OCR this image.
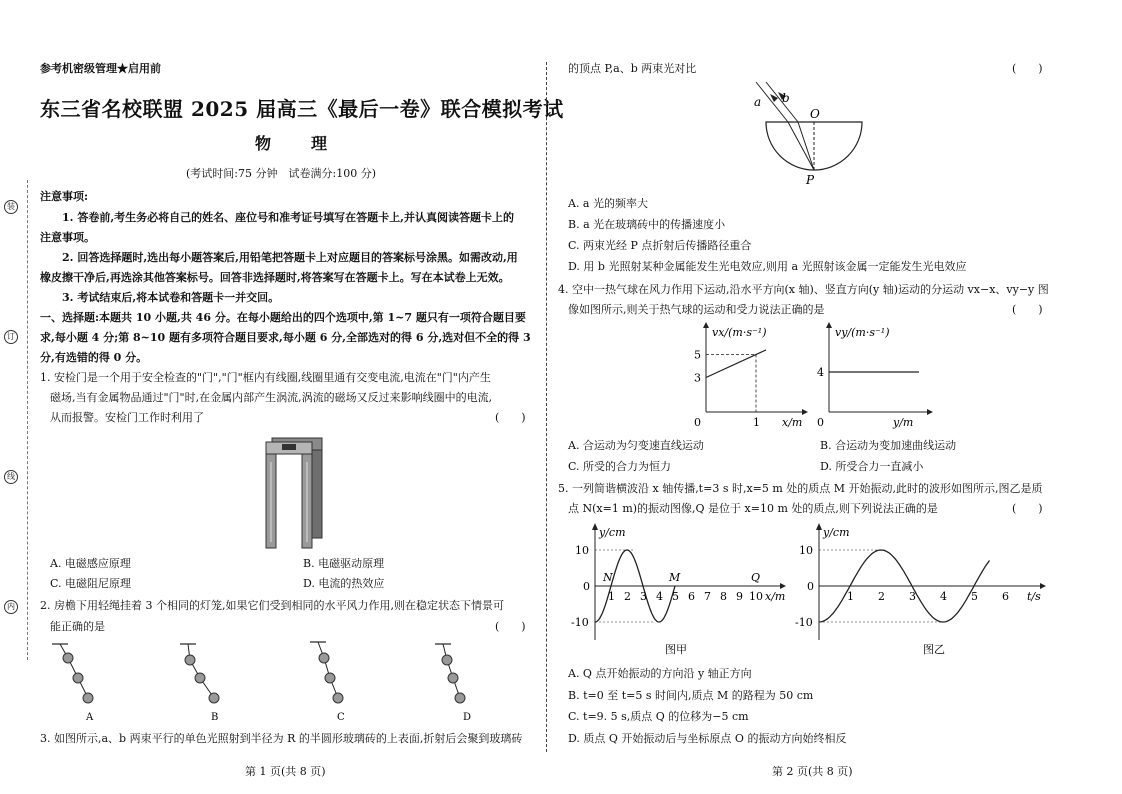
装
订
线
内
参考机密级管理★启用前
东三省名校联盟 2025 届高三《最后一卷》联合模拟考试
物　理
(考试时间:75 分钟　试卷满分:100 分)
注意事项:
1. 答卷前,考生务必将自己的姓名、座位号和准考证号填写在答题卡上,并认真阅读答题卡上的
注意事项。
2. 回答选择题时,选出每小题答案后,用铅笔把答题卡上对应题目的答案标号涂黑。如需改动,用
橡皮擦干净后,再选涂其他答案标号。回答非选择题时,将答案写在答题卡上。写在本试卷上无效。
3. 考试结束后,将本试卷和答题卡一并交回。
一、选择题:本题共 10 小题,共 46 分。在每小题给出的四个选项中,第 1~7 题只有一项符合题目要
求,每小题 4 分;第 8~10 题有多项符合题目要求,每小题 6 分,全部选对的得 6 分,选对但不全的得 3
分,有选错的得 0 分。
1. 安检门是一个用于安全检查的"门","门"框内有线圈,线圈里通有交变电流,电流在"门"内产生
磁场,当有金属物品通过"门"时,在金属内部产生涡流,涡流的磁场又反过来影响线圈中的电流,
从而报警。安检门工作时利用了	(　　)
A. 电磁感应原理	B. 电磁驱动原理
C. 电磁阻尼原理	D. 电流的热效应
2. 房檐下用轻绳挂着 3 个相同的灯笼,如果它们受到相同的水平风力作用,则在稳定状态下情景可
能正确的是	(　　)
A	B	C	D
3. 如图所示,a、b 两束平行的单色光照射到半径为 R 的半圆形玻璃砖的上表面,折射后会聚到玻璃砖
第 1 页(共 8 页)
的顶点 P,a、b 两束光对比	(　　)
a b
O
P
A. a 光的频率大
B. a 光在玻璃砖中的传播速度小
C. 两束光经 P 点折射后传播路径重合
D. 用 b 光照射某种金属能发生光电效应,则用 a 光照射该金属一定能发生光电效应
4. 空中一热气球在风力作用下运动,沿水平方向(x 轴)、竖直方向(y 轴)运动的分运动 vx−x、vy−y 图
像如图所示,则关于热气球的运动和受力说法正确的是	(　　)
vx/(m·s⁻¹)
x/m
0
3
5
1
vy/(m·s⁻¹)
y/m
0
4
A. 合运动为匀变速直线运动	B. 合运动为变加速曲线运动
C. 所受的合力为恒力	D. 所受合力一直减小
5. 一列简谐横波沿 x 轴传播,t=3 s 时,x=5 m 处的质点 M 开始振动,此时的波形如图所示,图乙是质
点 N(x=1 m)的振动图像,Q 是位于 x=10 m 处的质点,则下列说法正确的是	(　　)
1 2 3 4 5 6 7 8 9 10
y/cm
x/m
10
0
-10
N	M	Q
图甲
1 2 3 4 5 6
y/cm
t/s
10
0
-10
图乙
A. Q 点开始振动的方向沿 y 轴正方向
B. t=0 至 t=5 s 时间内,质点 M 的路程为 50 cm
C. t=9. 5 s,质点 Q 的位移为−5 cm
D. 质点 Q 开始振动后与坐标原点 O 的振动方向始终相反
第 2 页(共 8 页)
